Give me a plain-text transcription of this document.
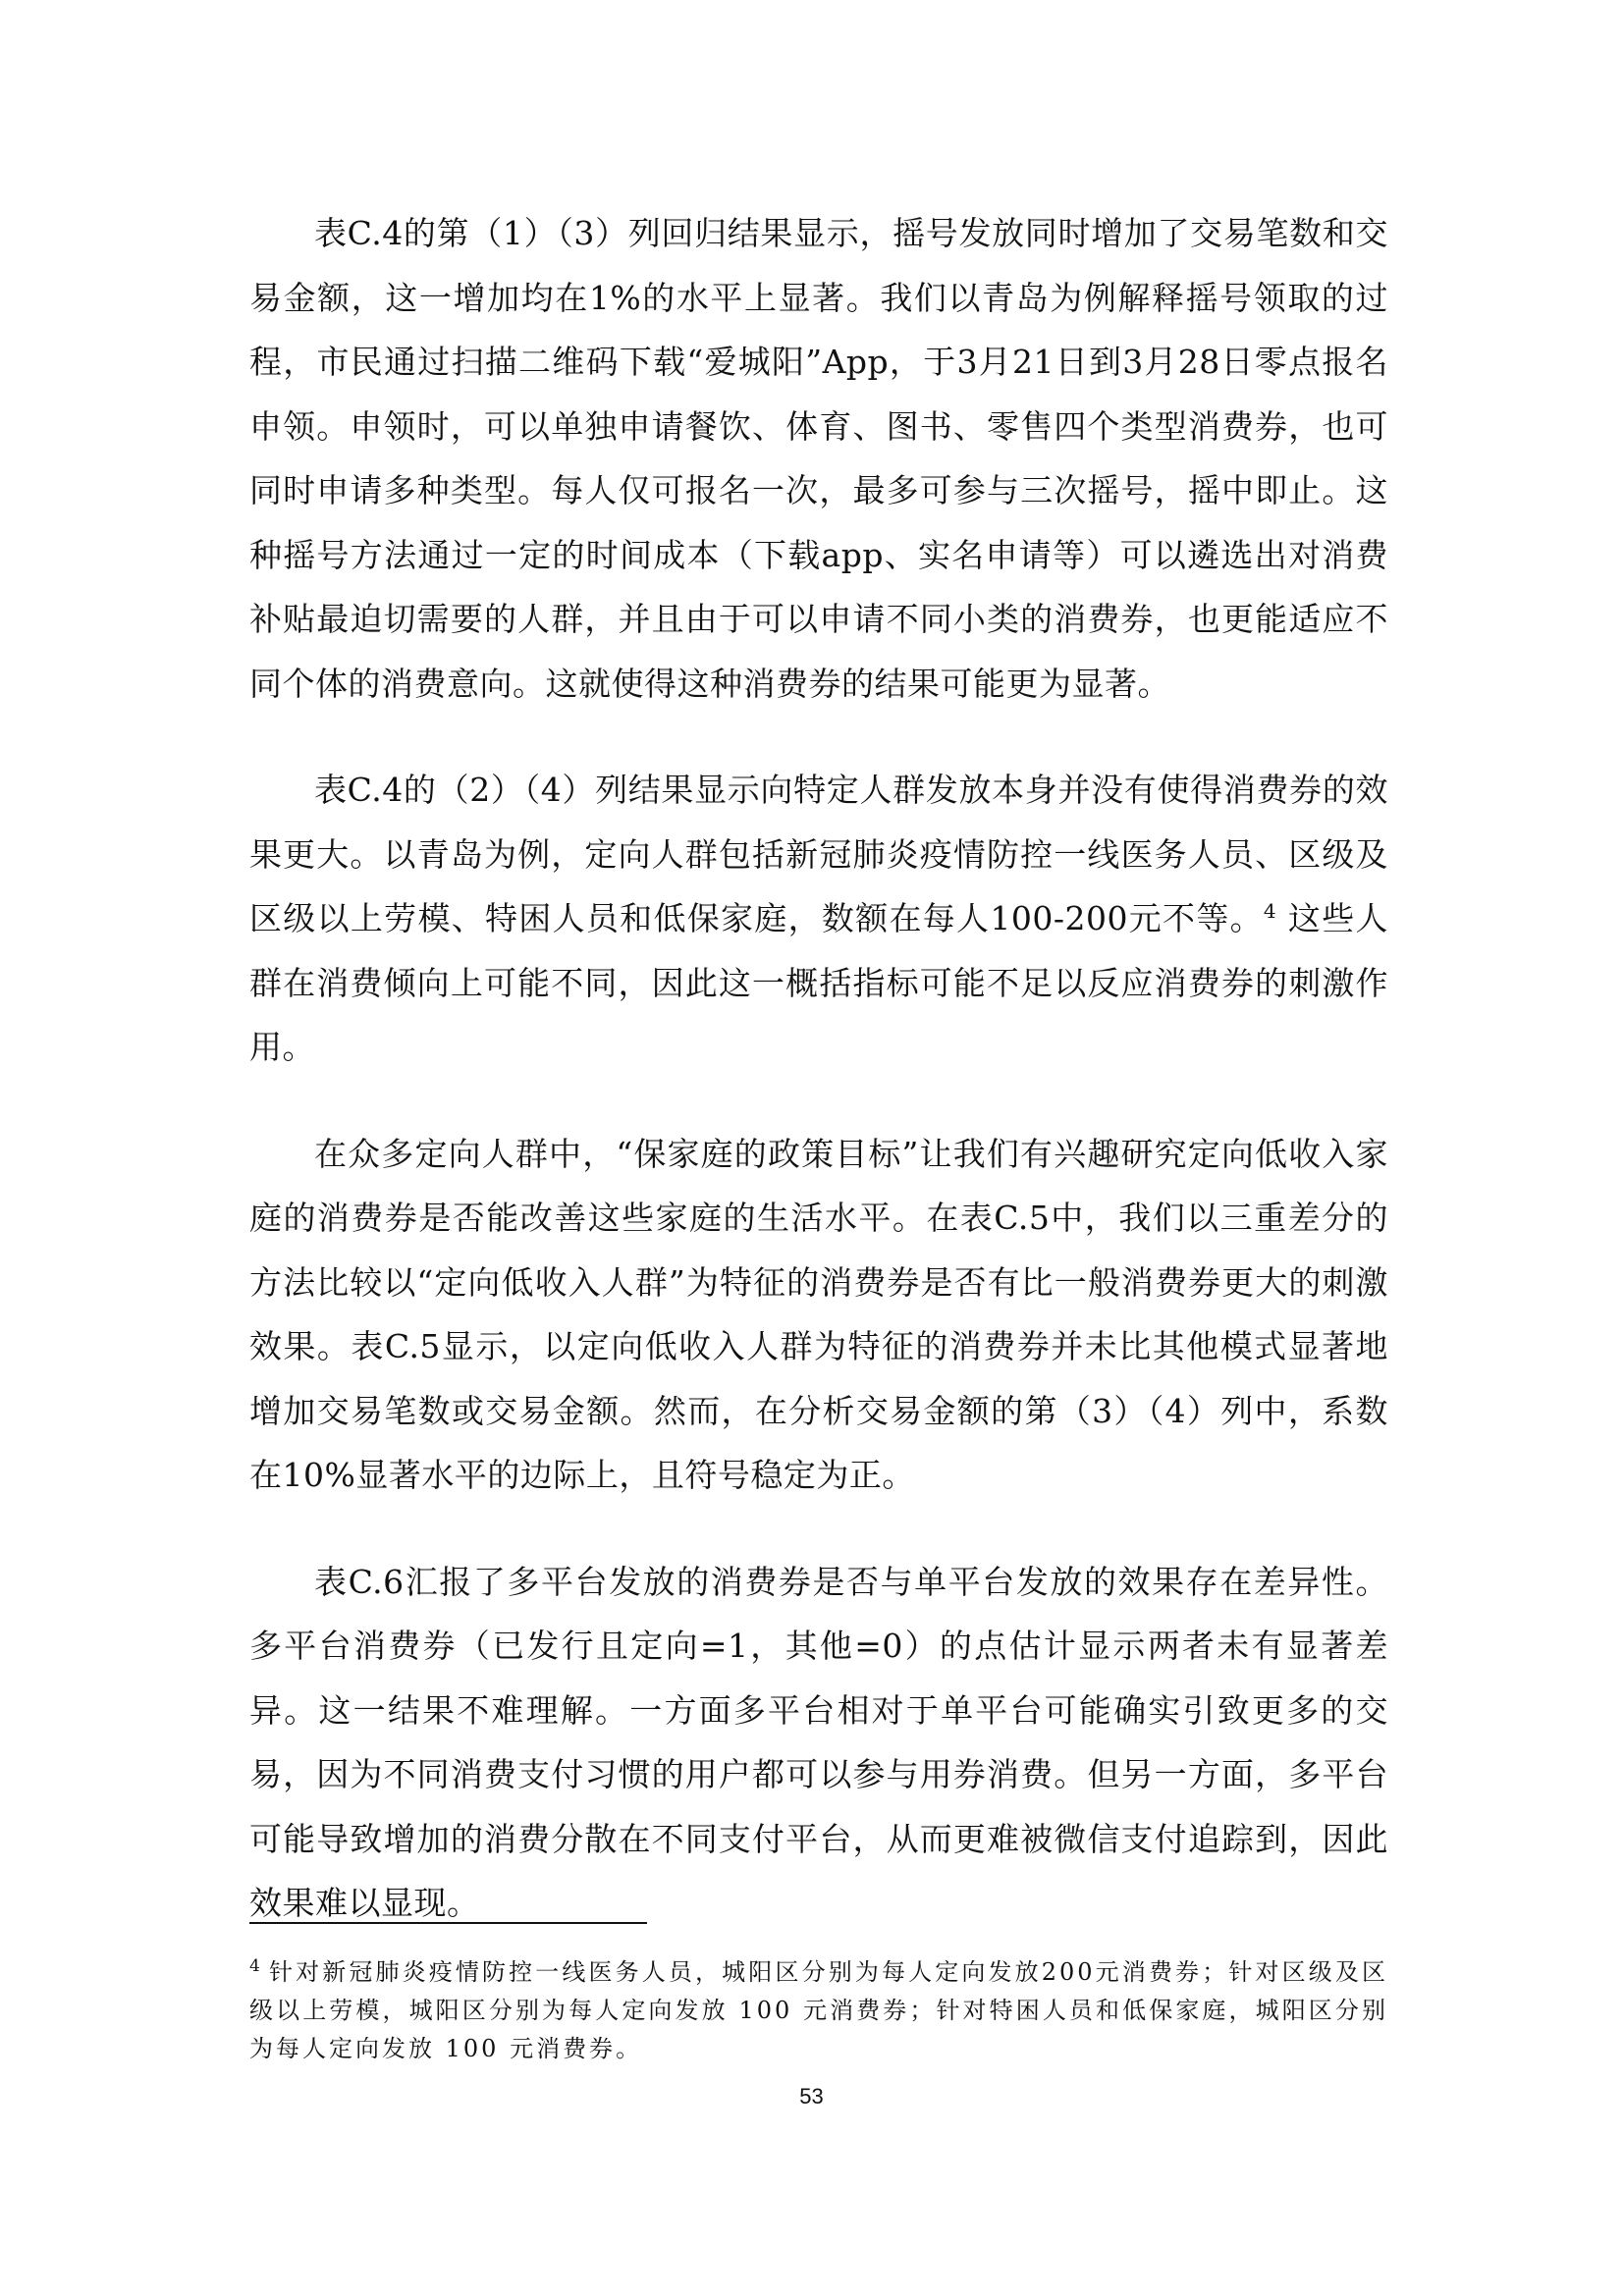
表C.4的第（1）（3）列回归结果显示，摇号发放同时增加了交易笔数和交易金额，这一增加均在1%的水平上显著。我们以青岛为例解释摇号领取的过程，市民通过扫描二维码下载“爱城阳”App，于3月21日到3月28日零点报名申领。申领时，可以单独申请餐饮、体育、图书、零售四个类型消费券，也可同时申请多种类型。每人仅可报名一次，最多可参与三次摇号，摇中即止。这种摇号方法通过一定的时间成本（下载app、实名申请等）可以遴选出对消费补贴最迫切需要的人群，并且由于可以申请不同小类的消费券，也更能适应不同个体的消费意向。这就使得这种消费券的结果可能更为显著。

表C.4的（2）（4）列结果显示向特定人群发放本身并没有使得消费券的效果更大。以青岛为例，定向人群包括新冠肺炎疫情防控一线医务人员、区级及区级以上劳模、特困人员和低保家庭，数额在每人100-200元不等。$^4$ 这些人群在消费倾向上可能不同，因此这一概括指标可能不足以反应消费券的刺激作用。

在众多定向人群中，“保家庭的政策目标”让我们有兴趣研究定向低收入家庭的消费券是否能改善这些家庭的生活水平。在表C.5中，我们以三重差分的方法比较以“定向低收入人群”为特征的消费券是否有比一般消费券更大的刺激效果。表C.5显示，以定向低收入人群为特征的消费券并未比其他模式显著地增加交易笔数或交易金额。然而，在分析交易金额的第（3）（4）列中，系数在10%显著水平的边际上，且符号稳定为正。

表C.6汇报了多平台发放的消费券是否与单平台发放的效果存在差异性。多平台消费券（已发行且定向=1，其他=0）的点估计显示两者未有显著差异。这一结果不难理解。一方面多平台相对于单平台可能确实引致更多的交易，因为不同消费支付习惯的用户都可以参与用券消费。但另一方面，多平台可能导致增加的消费分散在不同支付平台，从而更难被微信支付追踪到，因此效果难以显现。

$^4$ 针对新冠肺炎疫情防控一线医务人员，城阳区分别为每人定向发放200元消费券；针对区级及区级以上劳模，城阳区分别为每人定向发放 100 元消费券；针对特困人员和低保家庭，城阳区分别为每人定向发放 100 元消费券。
53
